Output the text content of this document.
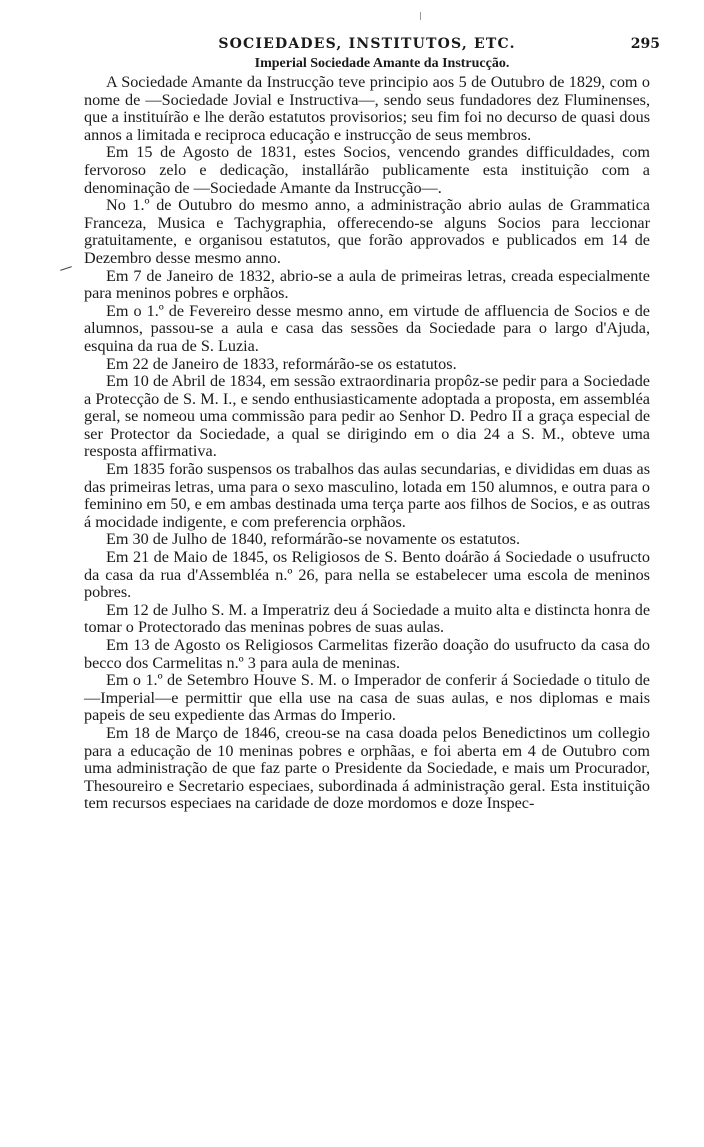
SOCIEDADES, INSTITUTOS, ETC.	295
Imperial Sociedade Amante da Instrucção.

A Sociedade Amante da Instrucção teve principio aos 5 de Outubro de 1829, com o nome de —Sociedade Jovial e Instructiva—, sendo seus fundadores dez Fluminenses, que a instituírão e lhe derão estatutos provisorios; seu fim foi no decurso de quasi dous annos a limitada e reciproca educação e instrucção de seus membros.

Em 15 de Agosto de 1831, estes Socios, vencendo grandes difficuldades, com fervoroso zelo e dedicação, installárão publicamente esta instituição com a denominação de —Sociedade Amante da Instrucção—.

No 1.º de Outubro do mesmo anno, a administração abrio aulas de Grammatica Franceza, Musica e Tachygraphia, offerecendo-se alguns Socios para leccionar gratuitamente, e organisou estatutos, que forão approvados e publicados em 14 de Dezembro desse mesmo anno.

Em 7 de Janeiro de 1832, abrio-se a aula de primeiras letras, creada especialmente para meninos pobres e orphãos.

Em o 1.º de Fevereiro desse mesmo anno, em virtude de affluencia de Socios e de alumnos, passou-se a aula e casa das sessões da Sociedade para o largo d'Ajuda, esquina da rua de S. Luzia.

Em 22 de Janeiro de 1833, reformárão-se os estatutos.

Em 10 de Abril de 1834, em sessão extraordinaria propôz-se pedir para a Sociedade a Protecção de S. M. I., e sendo enthusiasticamente adoptada a proposta, em assembléa geral, se nomeou uma commissão para pedir ao Senhor D. Pedro II a graça especial de ser Protector da Sociedade, a qual se dirigindo em o dia 24 a S. M., obteve uma resposta affirmativa.

Em 1835 forão suspensos os trabalhos das aulas secundarias, e divididas em duas as das primeiras letras, uma para o sexo masculino, lotada em 150 alumnos, e outra para o feminino em 50, e em ambas destinada uma terça parte aos filhos de Socios, e as outras á mocidade indigente, e com preferencia orphãos.

Em 30 de Julho de 1840, reformárão-se novamente os estatutos.

Em 21 de Maio de 1845, os Religiosos de S. Bento doárão á Sociedade o usufructo da casa da rua d'Assembléa n.º 26, para nella se estabelecer uma escola de meninos pobres.

Em 12 de Julho S. M. a Imperatriz deu á Sociedade a muito alta e distincta honra de tomar o Protectorado das meninas pobres de suas aulas.

Em 13 de Agosto os Religiosos Carmelitas fizerão doação do usufructo da casa do becco dos Carmelitas n.º 3 para aula de meninas.

Em o 1.º de Setembro Houve S. M. o Imperador de conferir á Sociedade o titulo de—Imperial—e permittir que ella use na casa de suas aulas, e nos diplomas e mais papeis de seu expediente das Armas do Imperio.

Em 18 de Março de 1846, creou-se na casa doada pelos Benedictinos um collegio para a educação de 10 meninas pobres e orphãas, e foi aberta em 4 de Outubro com uma administração de que faz parte o Presidente da Sociedade, e mais um Procurador, Thesoureiro e Secretario especiaes, subordinada á administração geral. Esta instituição tem recursos especiaes na caridade de doze mordomos e doze Inspec-
